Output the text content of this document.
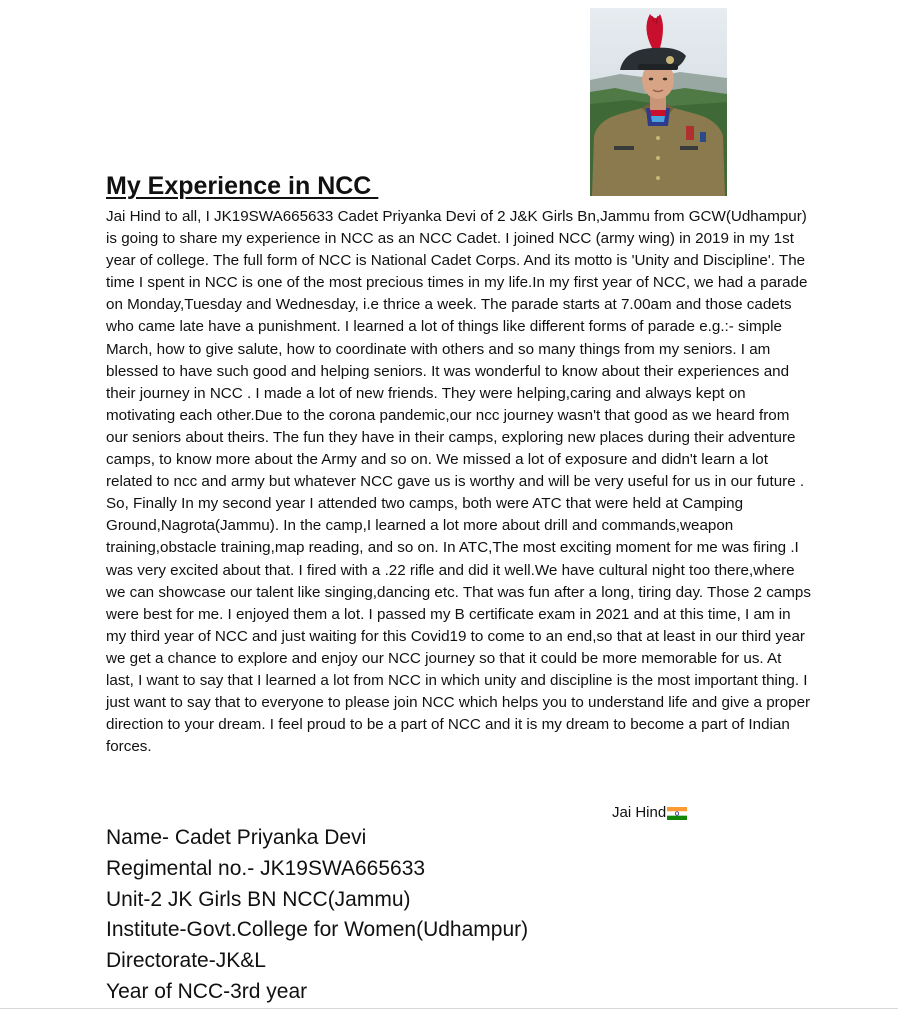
My Experience in NCC

Jai Hind to all, I JK19SWA665633 Cadet Priyanka Devi of 2 J&K Girls Bn,Jammu from GCW(Udhampur) is going to share my experience in NCC as an NCC Cadet. I joined NCC (army wing) in 2019 in my 1st year of college. The full form of NCC is National Cadet Corps. And its motto is 'Unity and Discipline'. The time I spent in NCC is one of the most precious times in my life.In my first year of NCC, we had a parade on Monday,Tuesday and Wednesday, i.e thrice a week. The parade starts at 7.00am and those cadets who came late have a punishment. I learned a lot of things like different forms of parade e.g.:- simple March, how to give salute, how to coordinate with others and so many things from my seniors. I am blessed to have such good and helping seniors. It was wonderful to know about their experiences and their journey in NCC . I made a lot of new friends. They were helping,caring and always kept on motivating each other.Due to the corona pandemic,our ncc journey wasn't that good as we heard from our seniors about theirs. The fun they have in their camps, exploring new places during their adventure camps, to know more about the Army and so on. We missed a lot of exposure and didn't learn a lot related to ncc and army but whatever NCC gave us is worthy and will be very useful for us in our future . So, Finally In my second year I attended two camps, both were ATC that were held at Camping Ground,Nagrota(Jammu). In the camp,I learned a lot more about drill and commands,weapon training,obstacle training,map reading, and so on. In ATC,The most exciting moment for me was firing .I was very excited about that. I fired with a .22 rifle and did it well.We have cultural night too there,where we can showcase our talent like singing,dancing etc. That was fun after a long, tiring day. Those 2 camps were best for me. I enjoyed them a lot. I passed my B certificate exam in 2021 and at this time, I am in my third year of NCC and just waiting for this Covid19 to come to an end,so that at least in our third year we get a chance to explore and enjoy our NCC journey so that it could be more memorable for us. At last, I want to say that I learned a lot from NCC in which unity and discipline is the most important thing. I just want to say that to everyone to please join NCC which helps you to understand life and give a proper direction to your dream. I feel proud to be a part of NCC and it is my dream to become a part of Indian forces.

Jai Hind
Name- Cadet Priyanka Devi
Regimental no.- JK19SWA665633
Unit-2 JK Girls BN NCC(Jammu)
Institute-Govt.College for Women(Udhampur)
Directorate-JK&L
Year of NCC-3rd year
